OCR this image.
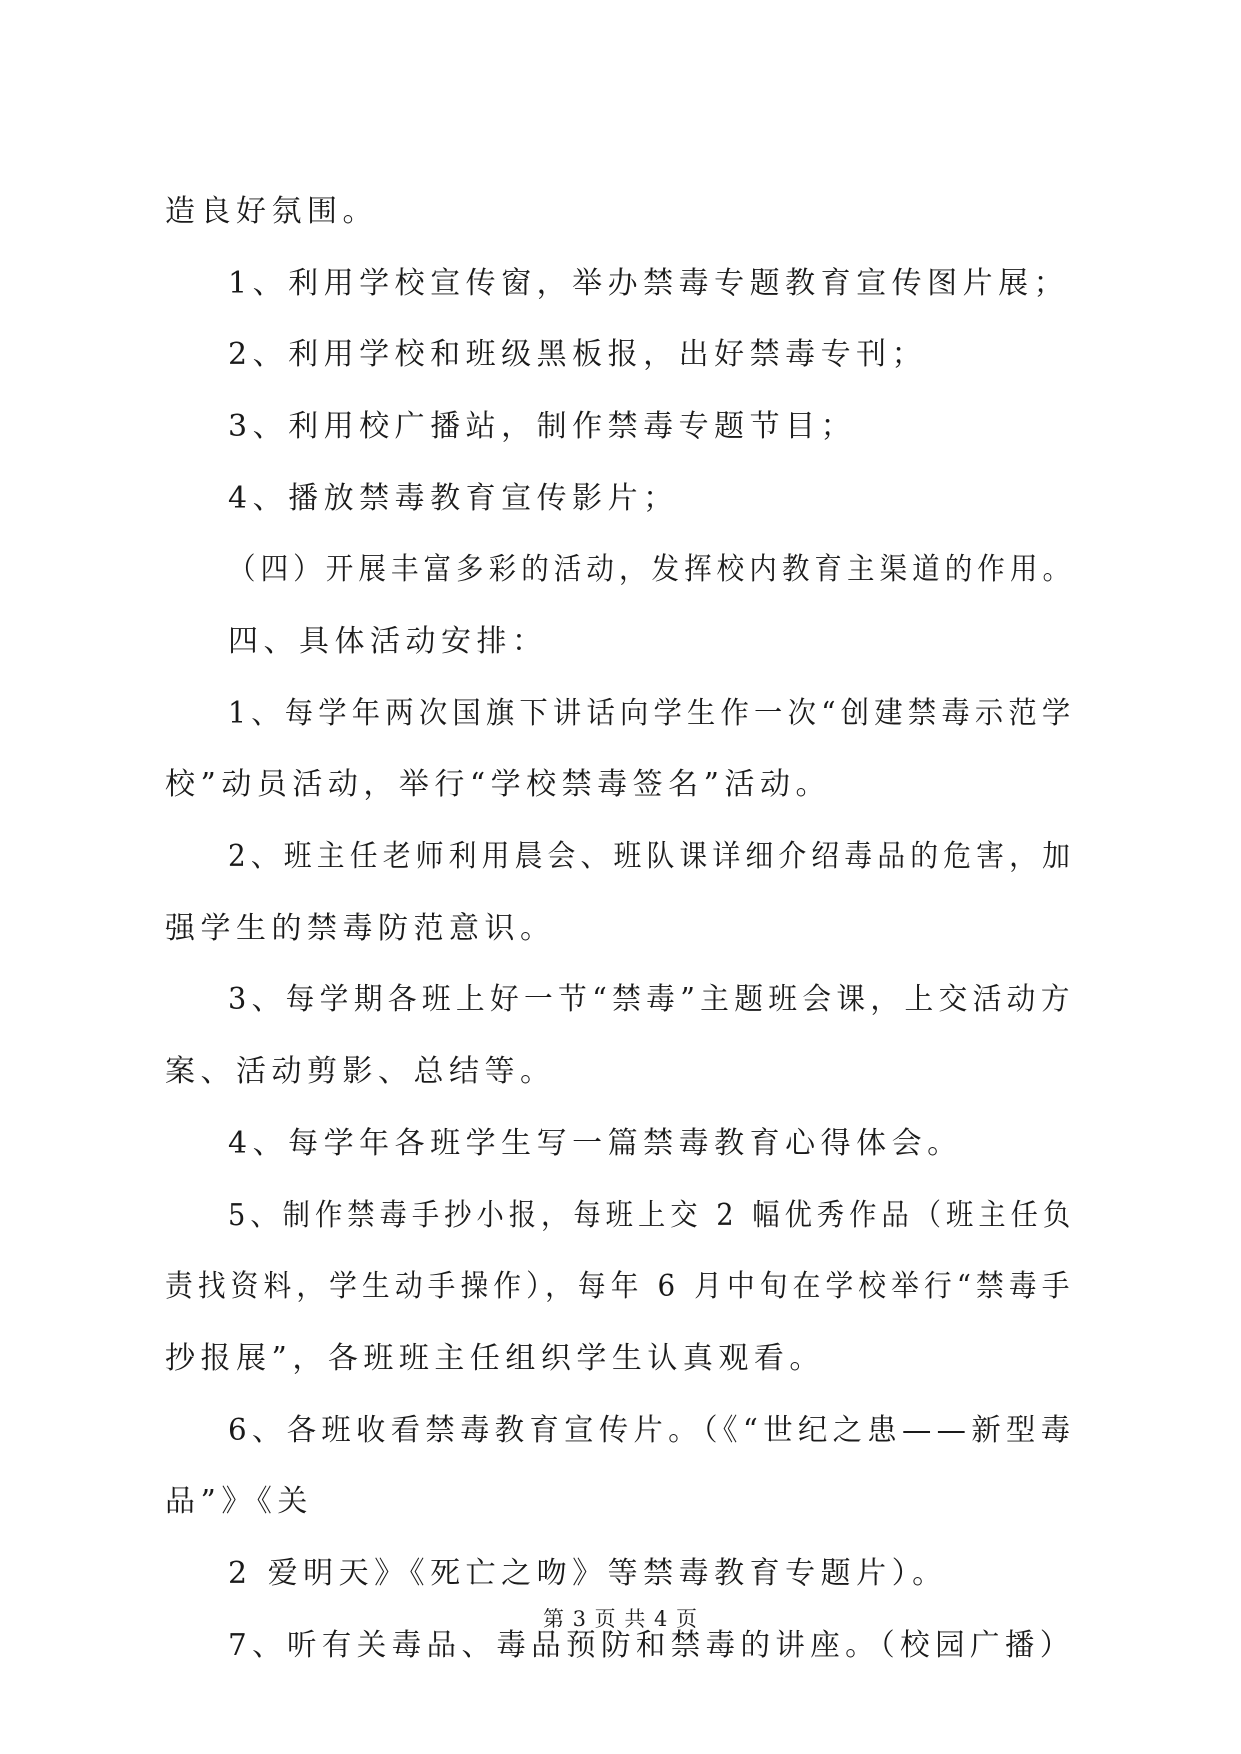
造良好氛围。
1、利用学校宣传窗，举办禁毒专题教育宣传图片展；
2、利用学校和班级黑板报，出好禁毒专刊；
3、利用校广播站，制作禁毒专题节目；
4、播放禁毒教育宣传影片；
（四）开展丰富多彩的活动，发挥校内教育主渠道的作用。
四、具体活动安排：
1、每学年两次国旗下讲话向学生作一次“创建禁毒示范学
校”动员活动，举行“学校禁毒签名”活动。
2、班主任老师利用晨会、班队课详细介绍毒品的危害，加
强学生的禁毒防范意识。
3、每学期各班上好一节“禁毒”主题班会课，上交活动方
案、活动剪影、总结等。
4、每学年各班学生写一篇禁毒教育心得体会。
5、制作禁毒手抄小报，每班上交 2 幅优秀作品（班主任负
责找资料，学生动手操作），每年 6 月中旬在学校举行“禁毒手
抄报展”，各班班主任组织学生认真观看。
6、各班收看禁毒教育宣传片。（《“世纪之患——新型毒
品”》《关
2 爱明天》《死亡之吻》等禁毒教育专题片）。
7、听有关毒品、毒品预防和禁毒的讲座。（校园广播）
第 3 页 共 4 页
